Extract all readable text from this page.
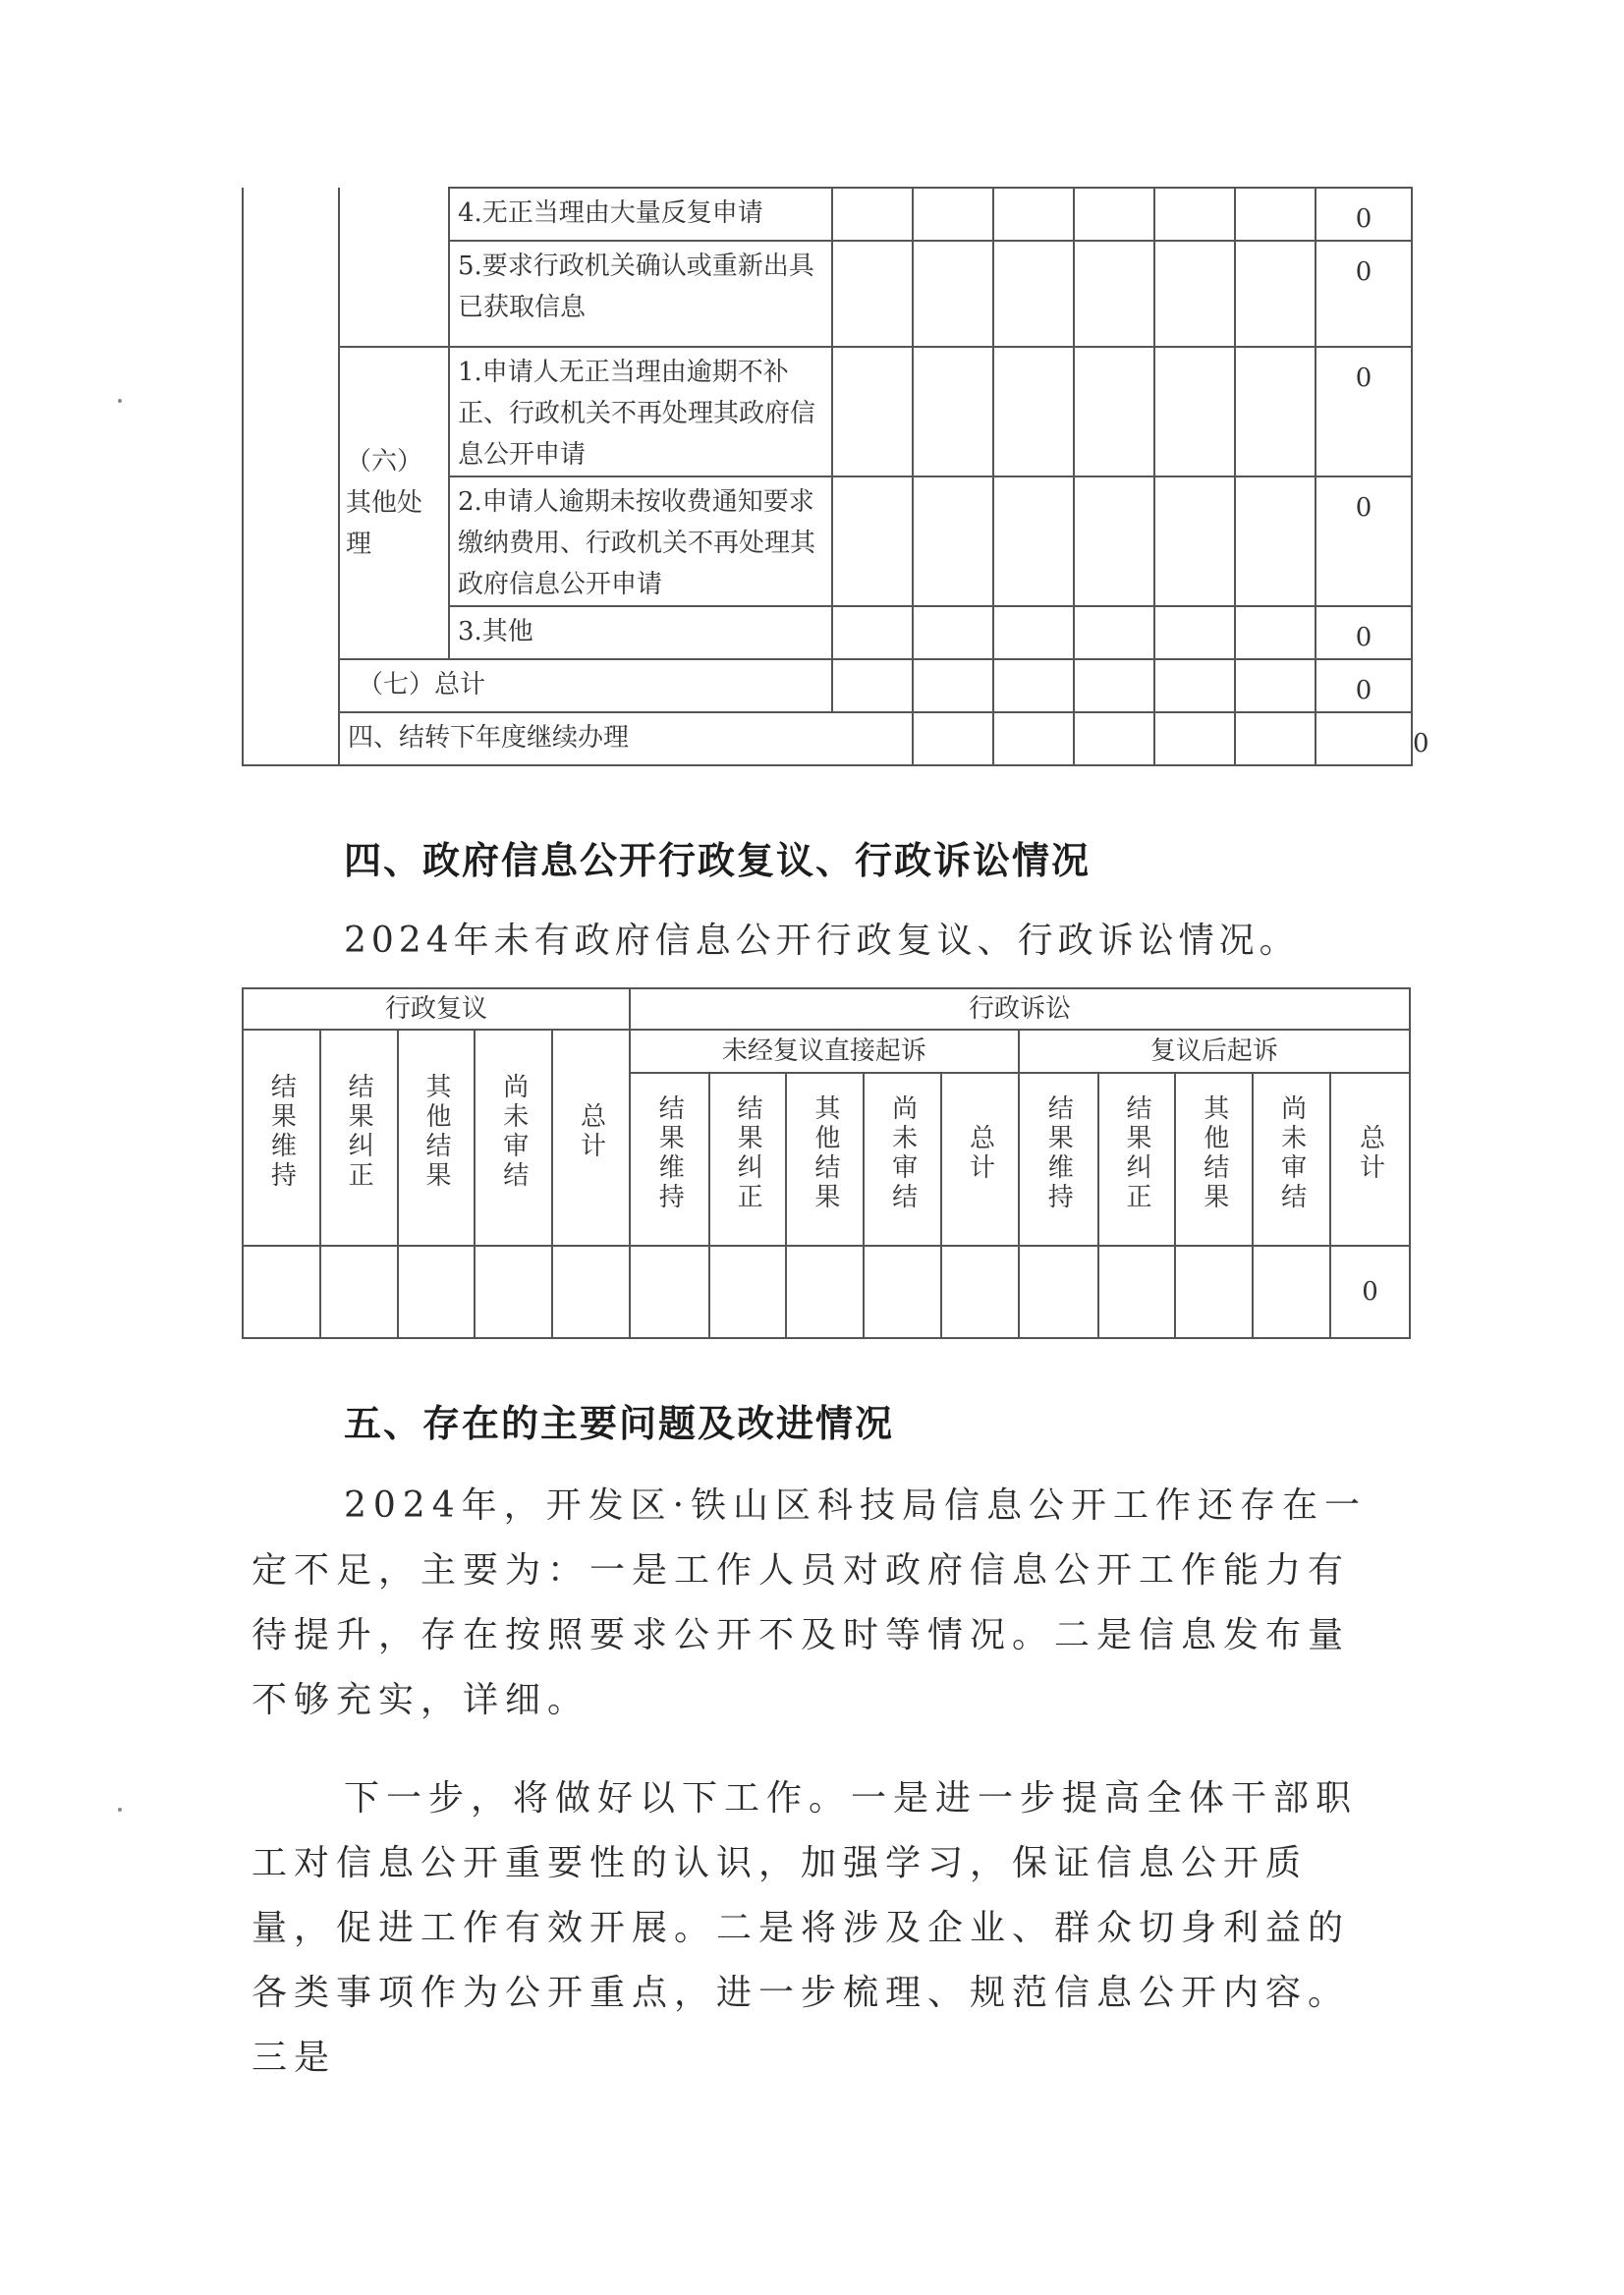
		4.无正当理由大量反复申请							0	
		5.要求行政机关确认或重新出具已获取信息							0	
	（六）其他处理	1.申请人无正当理由逾期不补正、行政机关不再处理其政府信息公开申请							0	
		2.申请人逾期未按收费通知要求缴纳费用、行政机关不再处理其政府信息公开申请							0	
		3.其他							0	
	（七）总计								0	
	四、结转下年度继续办理									0
四、政府信息公开行政复议、行政诉讼情况
2024年未有政府信息公开行政复议、行政诉讼情况。
行政复议					行政诉讼									
结果维持	结果纠正	其他结果	尚未审结	总计	未经复议直接起诉					复议后起诉				
					结果维持	结果纠正	其他结果	尚未审结	总计	结果维持	结果纠正	其他结果	尚未审结	总计
														0
五、存在的主要问题及改进情况
2024年，开发区·铁山区科技局信息公开工作还存在一定不足，主要为：一是工作人员对政府信息公开工作能力有待提升，存在按照要求公开不及时等情况。二是信息发布量不够充实，详细。
下一步，将做好以下工作。一是进一步提高全体干部职工对信息公开重要性的认识，加强学习，保证信息公开质量，促进工作有效开展。二是将涉及企业、群众切身利益的各类事项作为公开重点，进一步梳理、规范信息公开内容。三是
